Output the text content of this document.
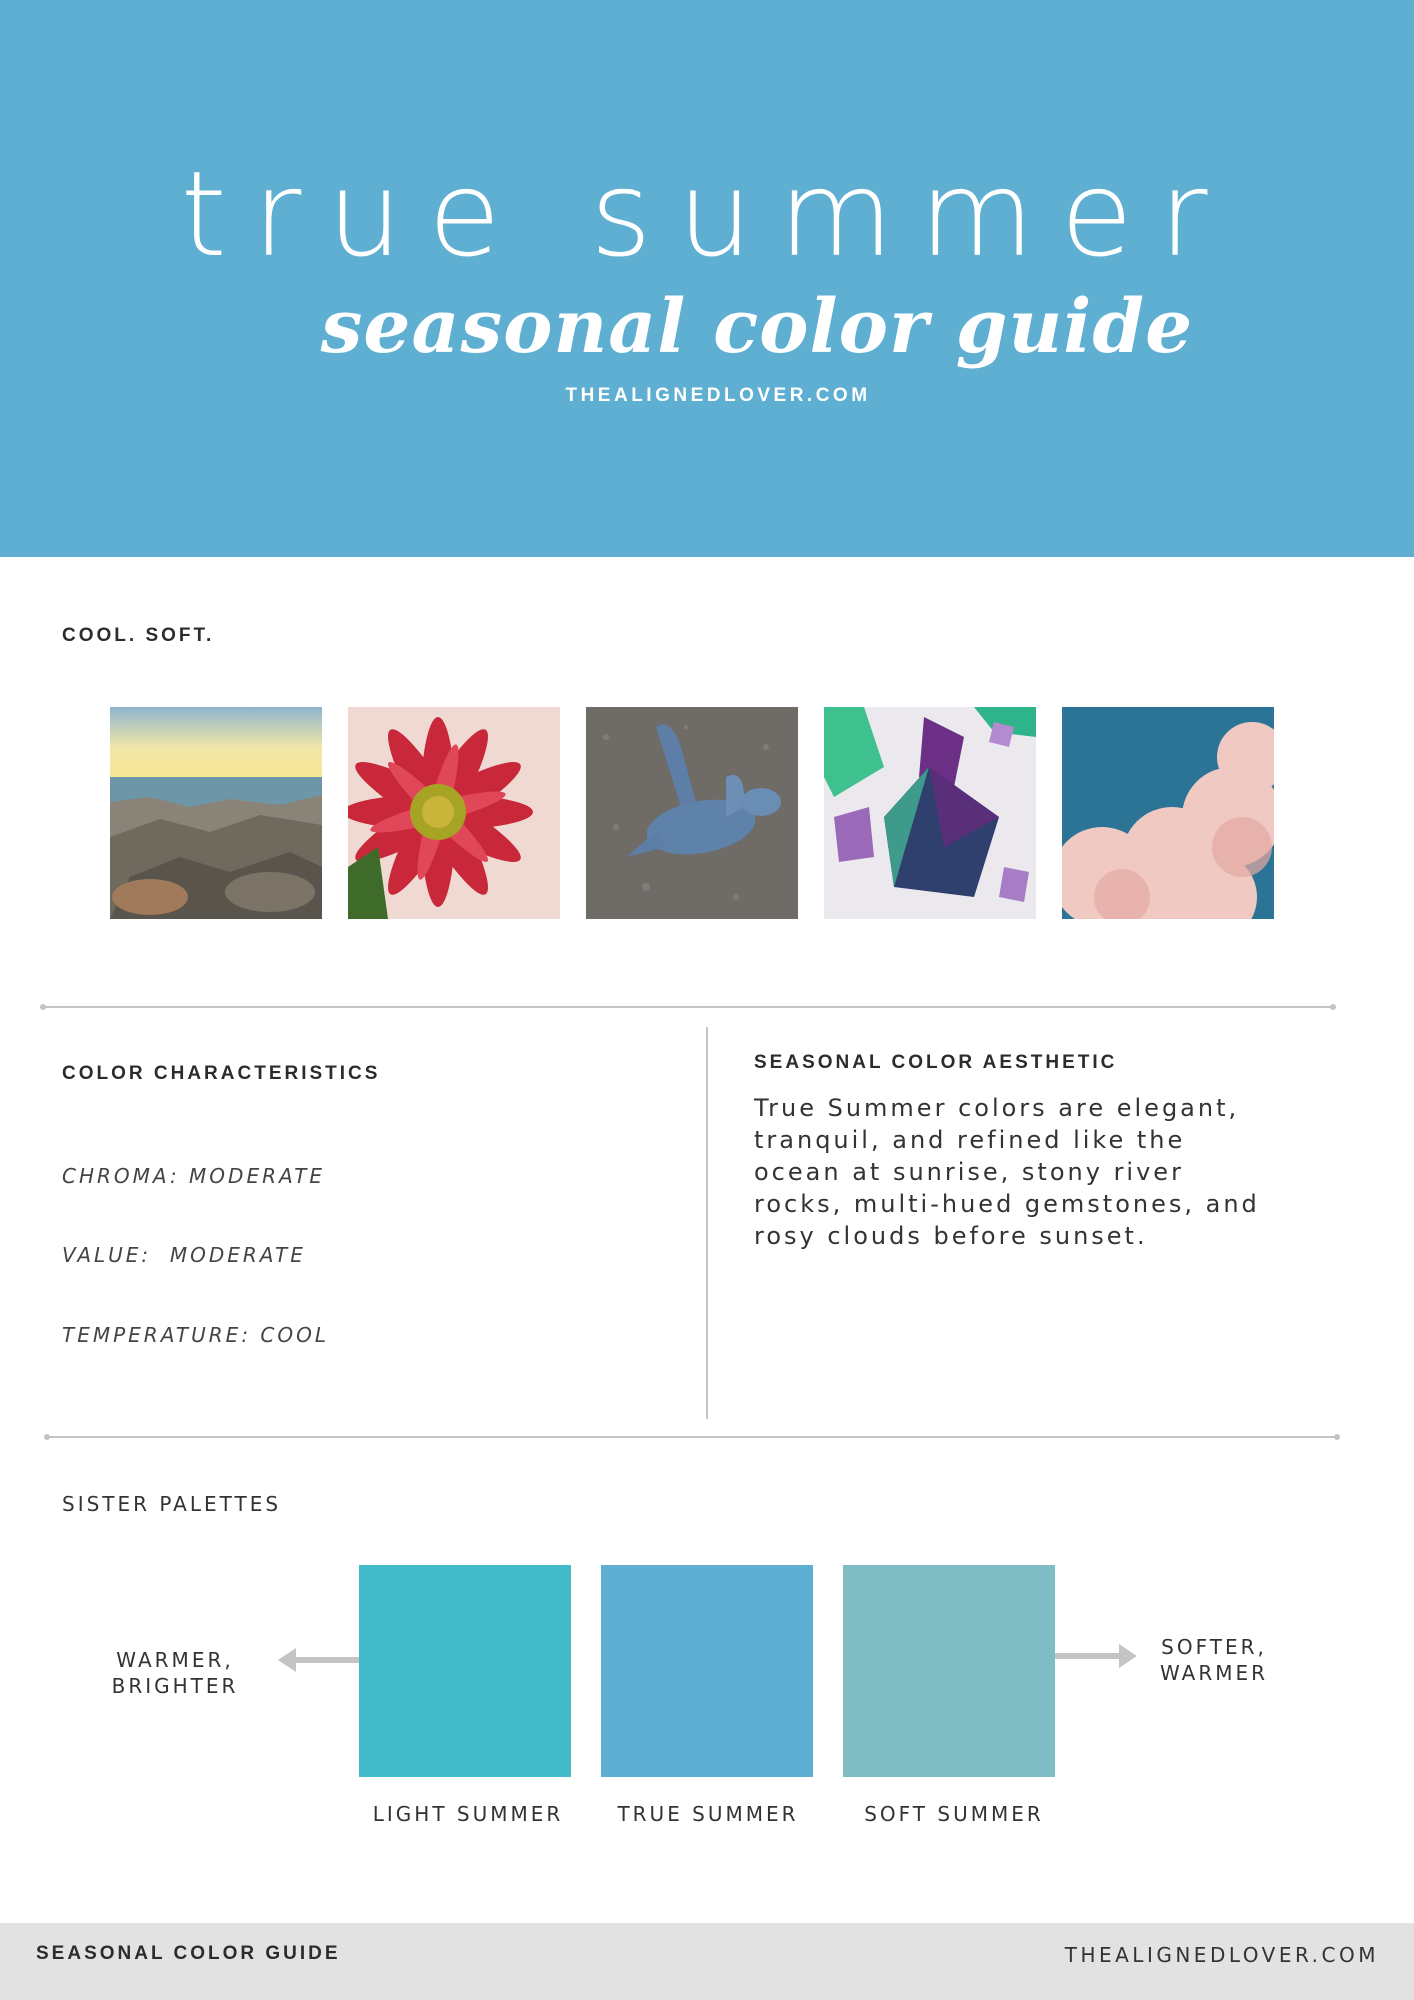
true summer
seasonal color guide
THEALIGNEDLOVER.COM
COOL. SOFT.
COLOR CHARACTERISTICS
CHROMA: MODERATE
VALUE:  MODERATE
TEMPERATURE: COOL
SEASONAL COLOR AESTHETIC
True Summer colors are elegant,
tranquil, and refined like the
ocean at sunrise, stony river
rocks, multi-hued gemstones, and
rosy clouds before sunset.
SISTER PALETTES
WARMER,
BRIGHTER
SOFTER,
WARMER
LIGHT SUMMER	TRUE SUMMER	SOFT SUMMER
SEASONAL COLOR GUIDE	THEALIGNEDLOVER.COM
